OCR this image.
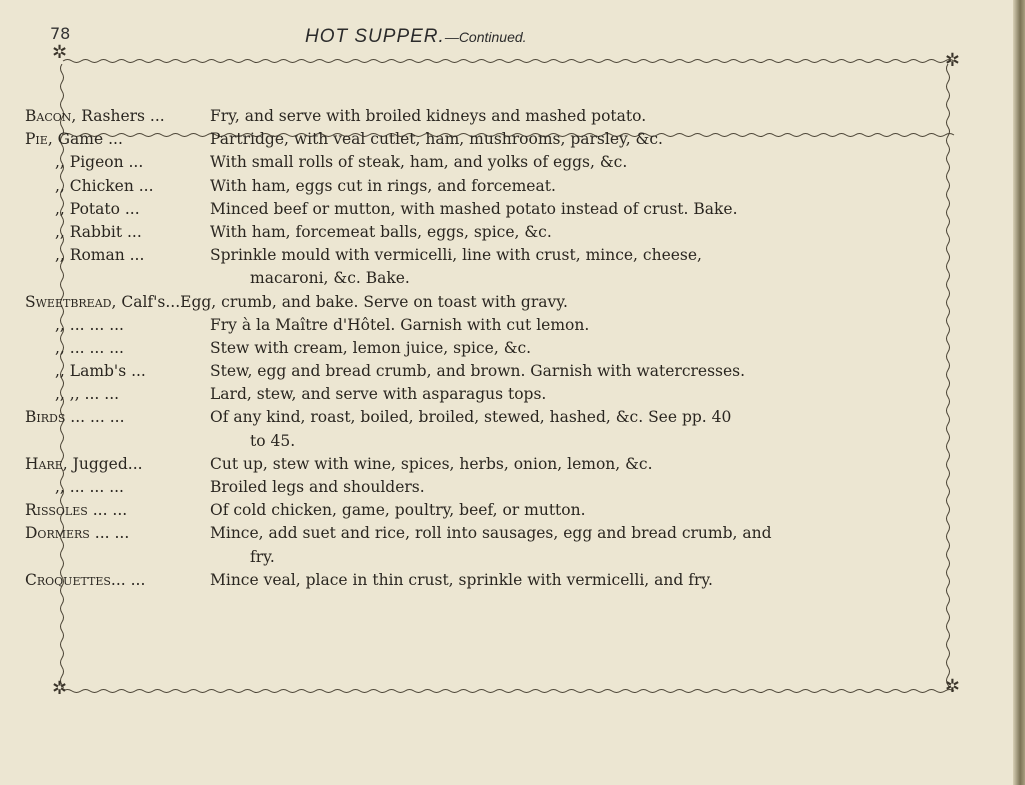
78	HOT SUPPER.—Continued.
✲	✲
✲	✲
Bacon, Rashers ...	Fry, and serve with broiled kidneys and mashed potato.
Pie, Game ...	Partridge, with veal cutlet, ham, mushrooms, parsley, &c.
,, Pigeon ...	With small rolls of steak, ham, and yolks of eggs, &c.
,, Chicken ...	With ham, eggs cut in rings, and forcemeat.
,, Potato ...	Minced beef or mutton, with mashed potato instead of crust. Bake.
,, Rabbit ...	With ham, forcemeat balls, eggs, spice, &c.
,, Roman ...	Sprinkle mould with vermicelli, line with crust, mince, cheese,
macaroni, &c. Bake.
Sweetbread, Calf's...Egg, crumb, and bake. Serve on toast with gravy.
,, ... ... ...	Fry à la Maître d'Hôtel. Garnish with cut lemon.
,, ... ... ...	Stew with cream, lemon juice, spice, &c.
,, Lamb's ...	Stew, egg and bread crumb, and brown. Garnish with watercresses.
,, ,, ... ...	Lard, stew, and serve with asparagus tops.
Birds ... ... ...	Of any kind, roast, boiled, broiled, stewed, hashed, &c. See pp. 40
to 45.
Hare, Jugged...	Cut up, stew with wine, spices, herbs, onion, lemon, &c.
,, ... ... ...	Broiled legs and shoulders.
Rissoles ... ...	Of cold chicken, game, poultry, beef, or mutton.
Dormers ... ...	Mince, add suet and rice, roll into sausages, egg and bread crumb, and
fry.
Croquettes... ...	Mince veal, place in thin crust, sprinkle with vermicelli, and fry.
